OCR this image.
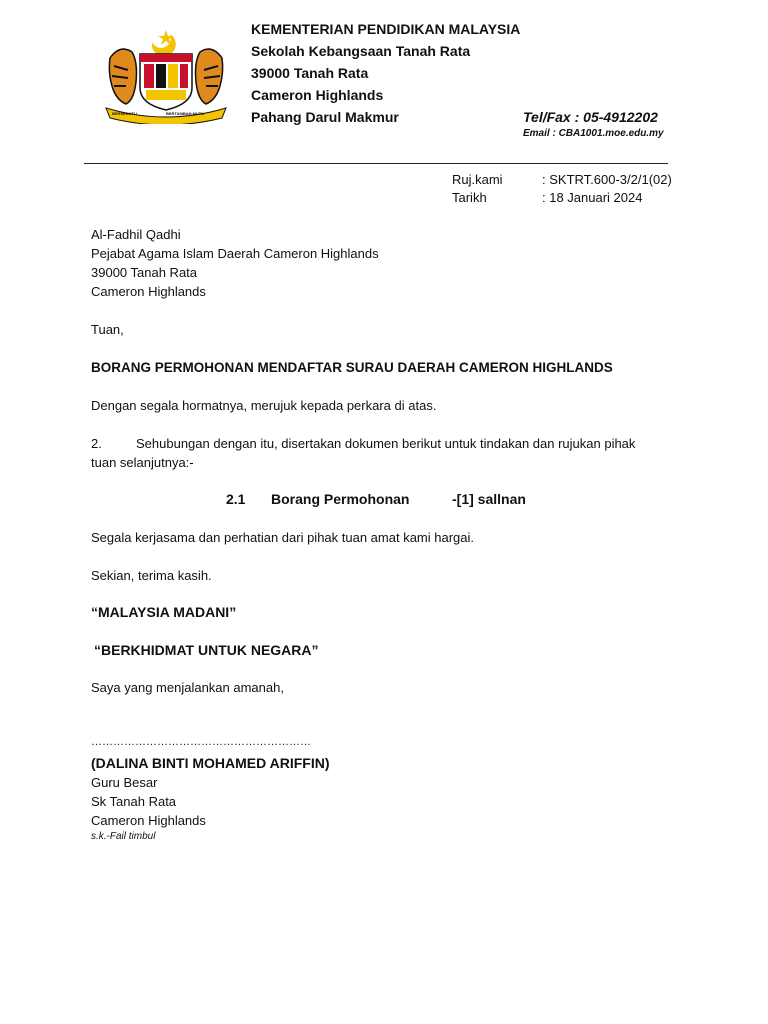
BERSEKUTU	BERTAMBAH MUTU
KEMENTERIAN PENDIDIKAN MALAYSIA
Sekolah Kebangsaan Tanah Rata
39000 Tanah Rata
Cameron Highlands
Pahang Darul Makmur	Tel/Fax : 05-4912202
Email : CBA1001.moe.edu.my
Ruj.kami	: SKTRT.600-3/2/1(02)
Tarikh	: 18 Januari 2024
Al-Fadhil Qadhi
Pejabat Agama Islam Daerah Cameron Highlands
39000 Tanah Rata
Cameron Highlands
Tuan,
BORANG PERMOHONAN MENDAFTAR SURAU DAERAH CAMERON HIGHLANDS
Dengan segala hormatnya, merujuk kepada perkara di atas.
2.	Sehubungan dengan itu, disertakan dokumen berikut untuk tindakan dan rujukan pihak
tuan selanjutnya:-
2.1 Borang Permohonan	-[1] sallnan
Segala kerjasama dan perhatian dari pihak tuan amat kami hargai.
Sekian, terima kasih.
“MALAYSIA MADANI”
“BERKHIDMAT UNTUK NEGARA”
Saya yang menjalankan amanah,
……………………………………………………
(DALINA BINTI MOHAMED ARIFFIN)
Guru Besar
Sk Tanah Rata
Cameron Highlands
s.k.-Fail timbul
